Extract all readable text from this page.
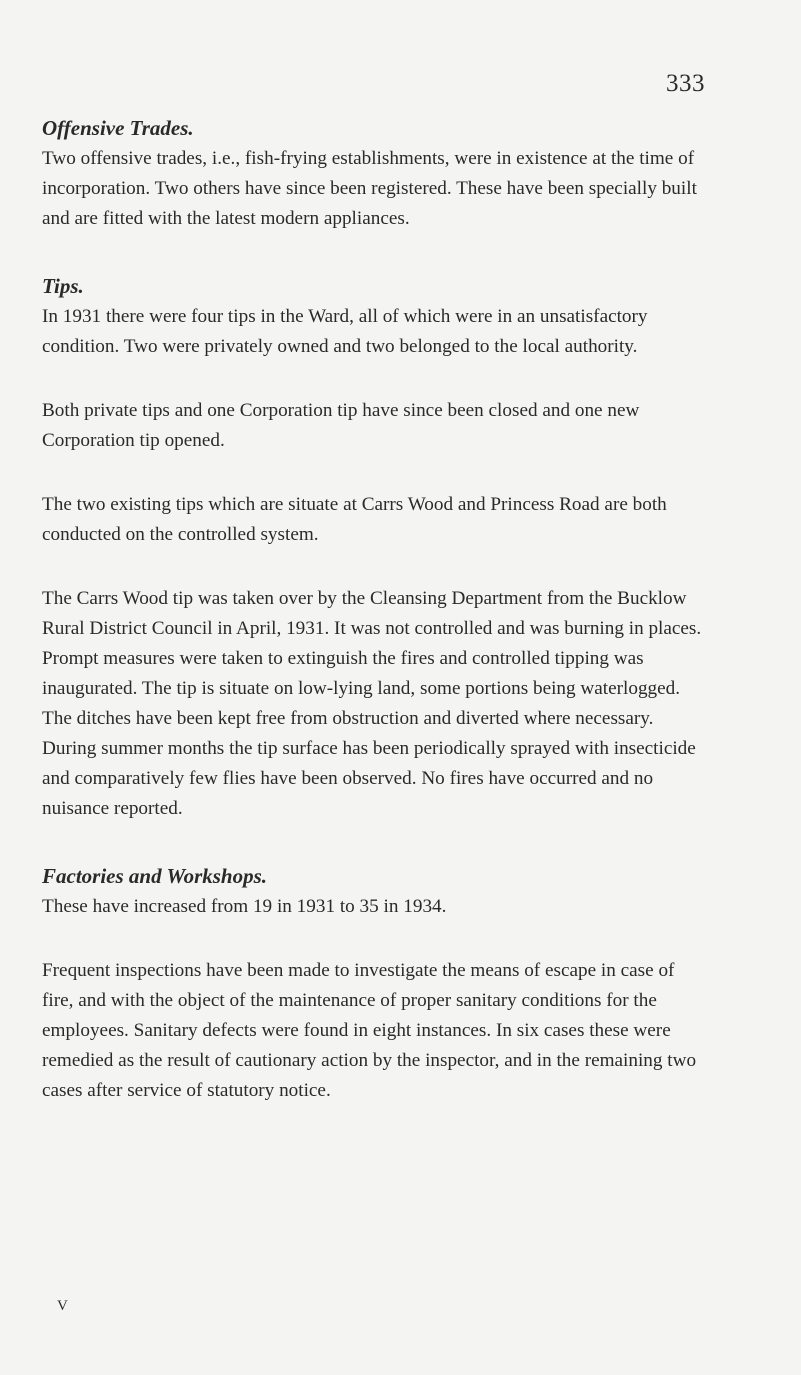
333
Offensive Trades.

Two offensive trades, i.e., fish-frying establishments, were in existence at the time of incorporation. Two others have since been registered. These have been specially built and are fitted with the latest modern appliances.

Tips.

In 1931 there were four tips in the Ward, all of which were in an unsatisfactory condition. Two were privately owned and two belonged to the local authority.

Both private tips and one Corporation tip have since been closed and one new Corporation tip opened.

The two existing tips which are situate at Carrs Wood and Princess Road are both conducted on the controlled system.

The Carrs Wood tip was taken over by the Cleansing Department from the Bucklow Rural District Council in April, 1931. It was not controlled and was burning in places. Prompt measures were taken to extinguish the fires and controlled tipping was inaugurated. The tip is situate on low-lying land, some portions being waterlogged. The ditches have been kept free from obstruction and diverted where necessary. During summer months the tip surface has been periodically sprayed with insecticide and comparatively few flies have been observed. No fires have occurred and no nuisance reported.

Factories and Workshops.

These have increased from 19 in 1931 to 35 in 1934.

Frequent inspections have been made to investigate the means of escape in case of fire, and with the object of the maintenance of proper sanitary conditions for the employees. Sanitary defects were found in eight instances. In six cases these were remedied as the result of cautionary action by the inspector, and in the remaining two cases after service of statutory notice.

V
